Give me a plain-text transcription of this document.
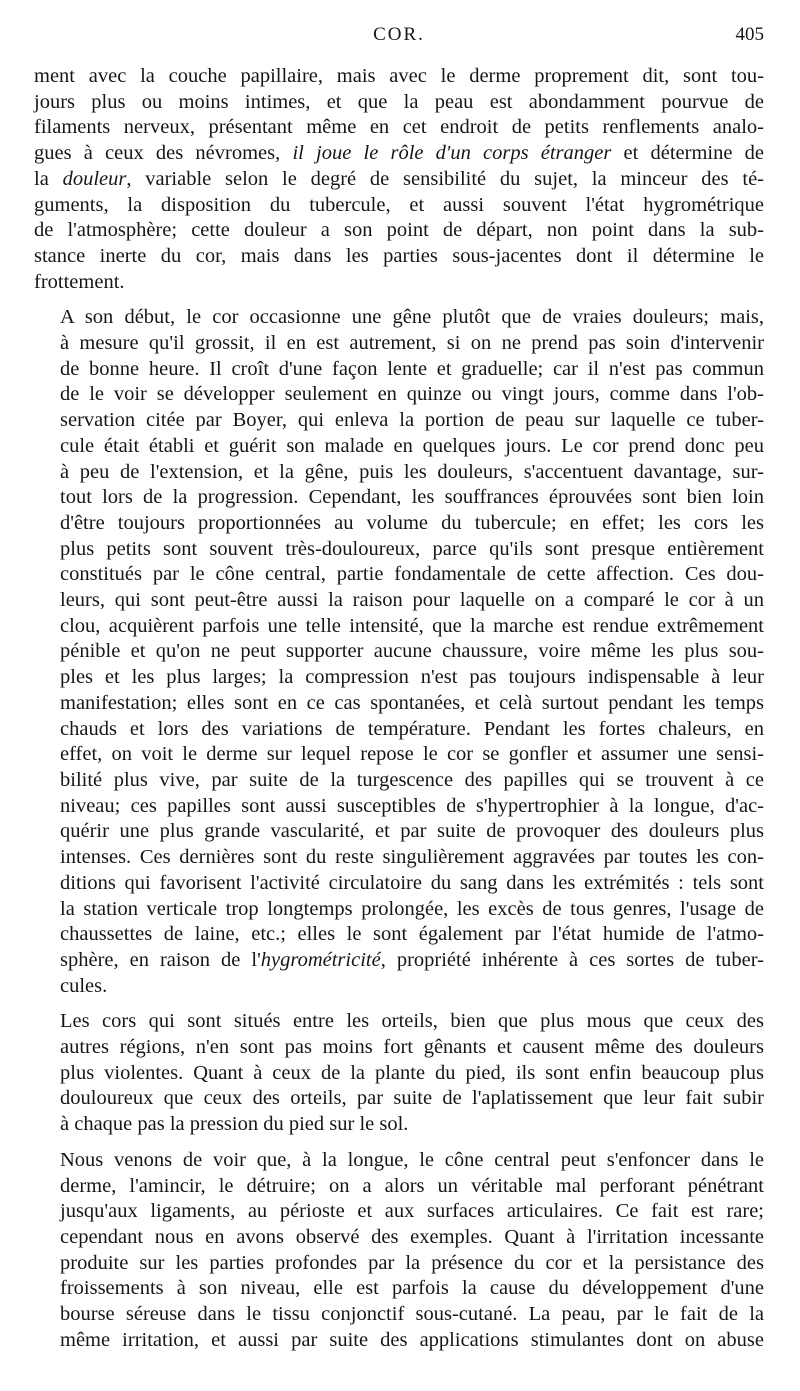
COR.	405

ment avec la couche papillaire, mais avec le derme proprement dit, sont tou-
jours plus ou moins intimes, et que la peau est abondamment pourvue de
filaments nerveux, présentant même en cet endroit de petits renflements analo-
gues à ceux des névromes, il joue le rôle d'un corps étranger et détermine de
la douleur, variable selon le degré de sensibilité du sujet, la minceur des té-
guments, la disposition du tubercule, et aussi souvent l'état hygrométrique
de l'atmosphère; cette douleur a son point de départ, non point dans la sub-
stance inerte du cor, mais dans les parties sous-jacentes dont il détermine le
frottement.

A son début, le cor occasionne une gêne plutôt que de vraies douleurs; mais,
à mesure qu'il grossit, il en est autrement, si on ne prend pas soin d'intervenir
de bonne heure. Il croît d'une façon lente et graduelle; car il n'est pas commun
de le voir se développer seulement en quinze ou vingt jours, comme dans l'ob-
servation citée par Boyer, qui enleva la portion de peau sur laquelle ce tuber-
cule était établi et guérit son malade en quelques jours. Le cor prend donc peu
à peu de l'extension, et la gêne, puis les douleurs, s'accentuent davantage, sur-
tout lors de la progression. Cependant, les souffrances éprouvées sont bien loin
d'être toujours proportionnées au volume du tubercule; en effet; les cors les
plus petits sont souvent très-douloureux, parce qu'ils sont presque entièrement
constitués par le cône central, partie fondamentale de cette affection. Ces dou-
leurs, qui sont peut-être aussi la raison pour laquelle on a comparé le cor à un
clou, acquièrent parfois une telle intensité, que la marche est rendue extrêmement
pénible et qu'on ne peut supporter aucune chaussure, voire même les plus sou-
ples et les plus larges; la compression n'est pas toujours indispensable à leur
manifestation; elles sont en ce cas spontanées, et celà surtout pendant les temps
chauds et lors des variations de température. Pendant les fortes chaleurs, en
effet, on voit le derme sur lequel repose le cor se gonfler et assumer une sensi-
bilité plus vive, par suite de la turgescence des papilles qui se trouvent à ce
niveau; ces papilles sont aussi susceptibles de s'hypertrophier à la longue, d'ac-
quérir une plus grande vascularité, et par suite de provoquer des douleurs plus
intenses. Ces dernières sont du reste singulièrement aggravées par toutes les con-
ditions qui favorisent l'activité circulatoire du sang dans les extrémités : tels sont
la station verticale trop longtemps prolongée, les excès de tous genres, l'usage de
chaussettes de laine, etc.; elles le sont également par l'état humide de l'atmo-
sphère, en raison de l'hygrométricité, propriété inhérente à ces sortes de tuber-
cules.

Les cors qui sont situés entre les orteils, bien que plus mous que ceux des
autres régions, n'en sont pas moins fort gênants et causent même des douleurs
plus violentes. Quant à ceux de la plante du pied, ils sont enfin beaucoup plus
douloureux que ceux des orteils, par suite de l'aplatissement que leur fait subir
à chaque pas la pression du pied sur le sol.

Nous venons de voir que, à la longue, le cône central peut s'enfoncer dans le
derme, l'amincir, le détruire; on a alors un véritable mal perforant pénétrant
jusqu'aux ligaments, au périoste et aux surfaces articulaires. Ce fait est rare;
cependant nous en avons observé des exemples. Quant à l'irritation incessante
produite sur les parties profondes par la présence du cor et la persistance des
froissements à son niveau, elle est parfois la cause du développement d'une
bourse séreuse dans le tissu conjonctif sous-cutané. La peau, par le fait de la
même irritation, et aussi par suite des applications stimulantes dont on abuse
